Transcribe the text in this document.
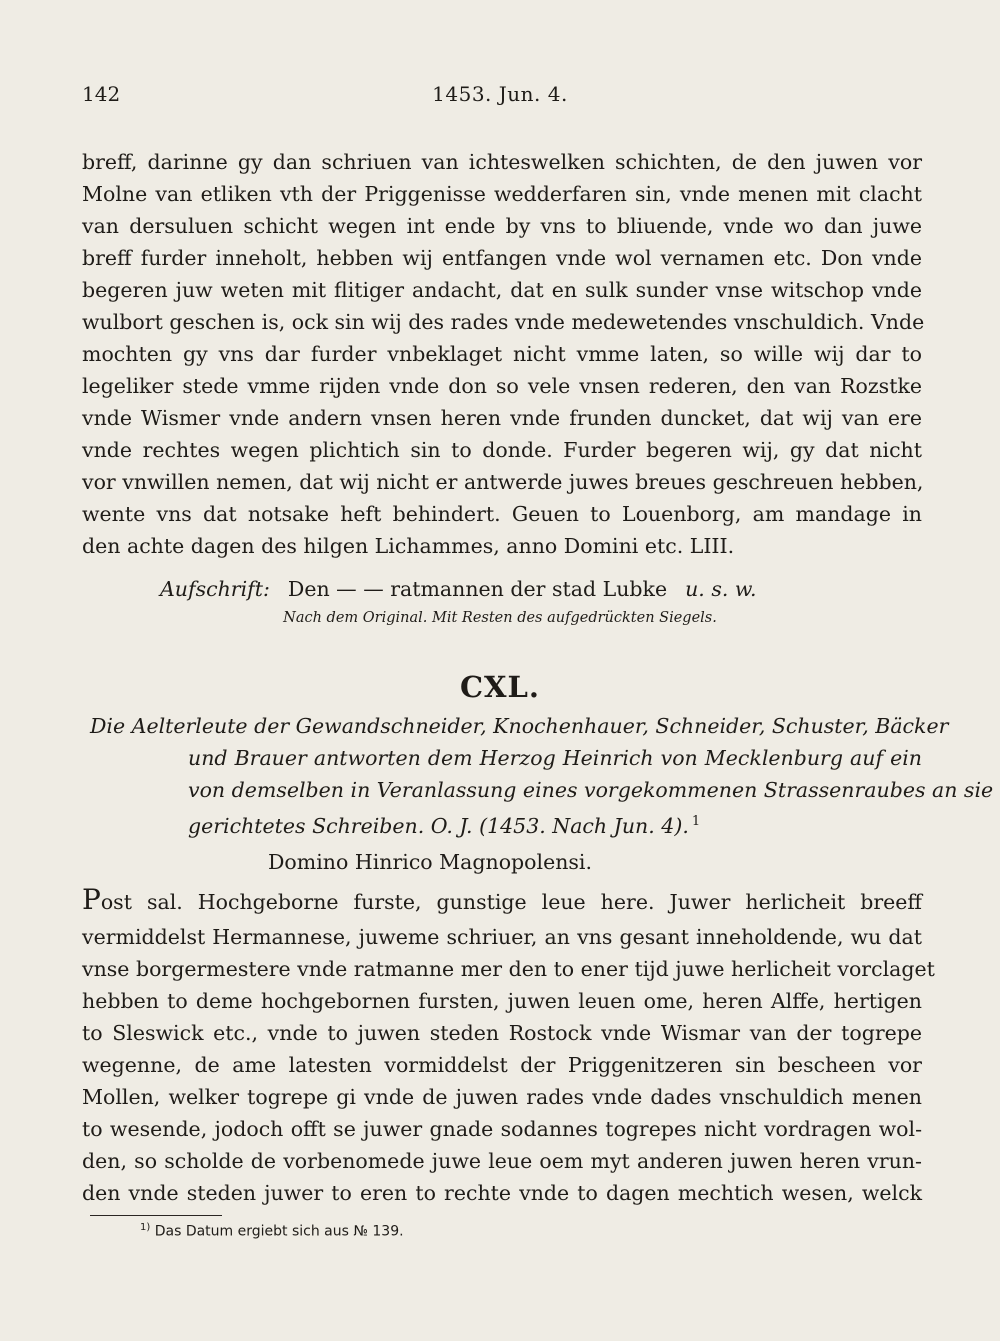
142	1453. Jun. 4.
breff, darinne gy dan schriuen van ichteswelken schichten, de den juwen vor
Molne van etliken vth der Priggenisse wedderfaren sin, vnde menen mit clacht
van dersuluen schicht wegen int ende by vns to bliuende, vnde wo dan juwe
breff furder inneholt, hebben wij entfangen vnde wol vernamen etc. Don vnde
begeren juw weten mit flitiger andacht, dat en sulk sunder vnse witschop vnde
wulbort geschen is, ock sin wij des rades vnde medewetendes vnschuldich. Vnde
mochten gy vns dar furder vnbeklaget nicht vmme laten, so wille wij dar to
legeliker stede vmme rijden vnde don so vele vnsen rederen, den van Rozstke
vnde Wismer vnde andern vnsen heren vnde frunden duncket, dat wij van ere
vnde rechtes wegen plichtich sin to donde. Furder begeren wij, gy dat nicht
vor vnwillen nemen, dat wij nicht er antwerde juwes breues geschreuen hebben,
wente vns dat notsake heft behindert. Geuen to Louenborg, am mandage in
den achte dagen des hilgen Lichammes, anno Domini etc. LIII.
Aufschrift: Den — — ratmannen der stad Lubke u. s. w.
Nach dem Original. Mit Resten des aufgedrückten Siegels.
CXL.
Die Aelterleute der Gewandschneider, Knochenhauer, Schneider, Schuster, Bäcker
und Brauer antworten dem Herzog Heinrich von Mecklenburg auf ein
von demselben in Veranlassung eines vorgekommenen Strassenraubes an sie
gerichtetes Schreiben. O. J. (1453. Nach Jun. 4). $^1$
Domino Hinrico Magnopolensi.
Post sal. Hochgeborne furste, gunstige leue here. Juwer herlicheit breeff
vermiddelst Hermannese, juweme schriuer, an vns gesant inneholdende, wu dat
vnse borgermestere vnde ratmanne mer den to ener tijd juwe herlicheit vorclaget
hebben to deme hochgebornen fursten, juwen leuen ome, heren Alffe, hertigen
to Sleswick etc., vnde to juwen steden Rostock vnde Wismar van der togrepe
wegenne, de ame latesten vormiddelst der Priggenitzeren sin bescheen vor
Mollen, welker togrepe gi vnde de juwen rades vnde dades vnschuldich menen
to wesende, jodoch offt se juwer gnade sodannes togrepes nicht vordragen wol-
den, so scholde de vorbenomede juwe leue oem myt anderen juwen heren vrun-
den vnde steden juwer to eren to rechte vnde to dagen mechtich wesen, welck
$^{1)}$ Das Datum ergiebt sich aus № 139.
